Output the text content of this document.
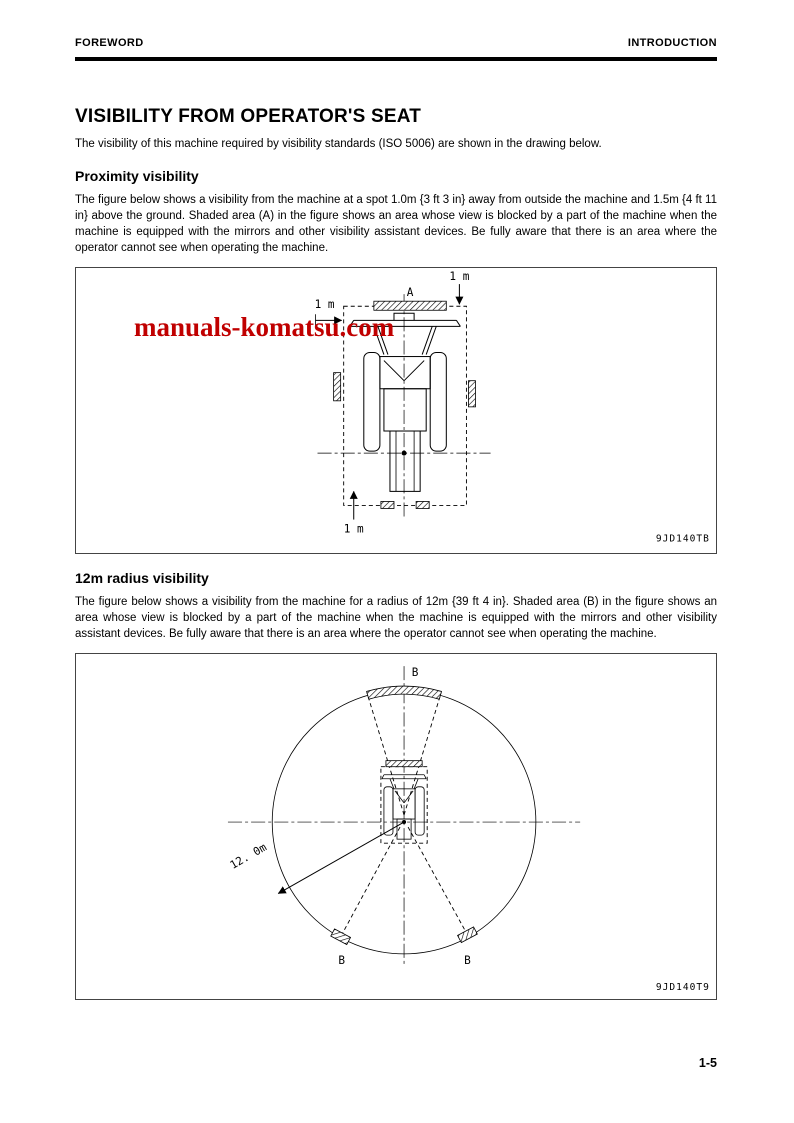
FOREWORD	INTRODUCTION
VISIBILITY FROM OPERATOR'S SEAT

The visibility of this machine required by visibility standards (ISO 5006) are shown in the drawing below.

Proximity visibility

The figure below shows a visibility from the machine at a spot 1.0m {3 ft 3 in} away from outside the machine and 1.5m {4 ft 11 in} above the ground. Shaded area (A) in the figure shows an area whose view is blocked by a part of the machine when the machine is equipped with the mirrors and other visibility assistant devices. Be fully aware that there is an area where the operator cannot see when operating the machine.

A
1 m
1 m
1 m
9JD140TB
manuals-komatsu.com
12m radius visibility

The figure below shows a visibility from the machine for a radius of 12m {39 ft 4 in}. Shaded area (B) in the figure shows an area whose view is blocked by a part of the machine when the machine is equipped with the mirrors and other visibility assistant devices. Be fully aware that there is an area where the operator cannot see when operating the machine.

B
B	B
12. 0m
9JD140T9
1-5
